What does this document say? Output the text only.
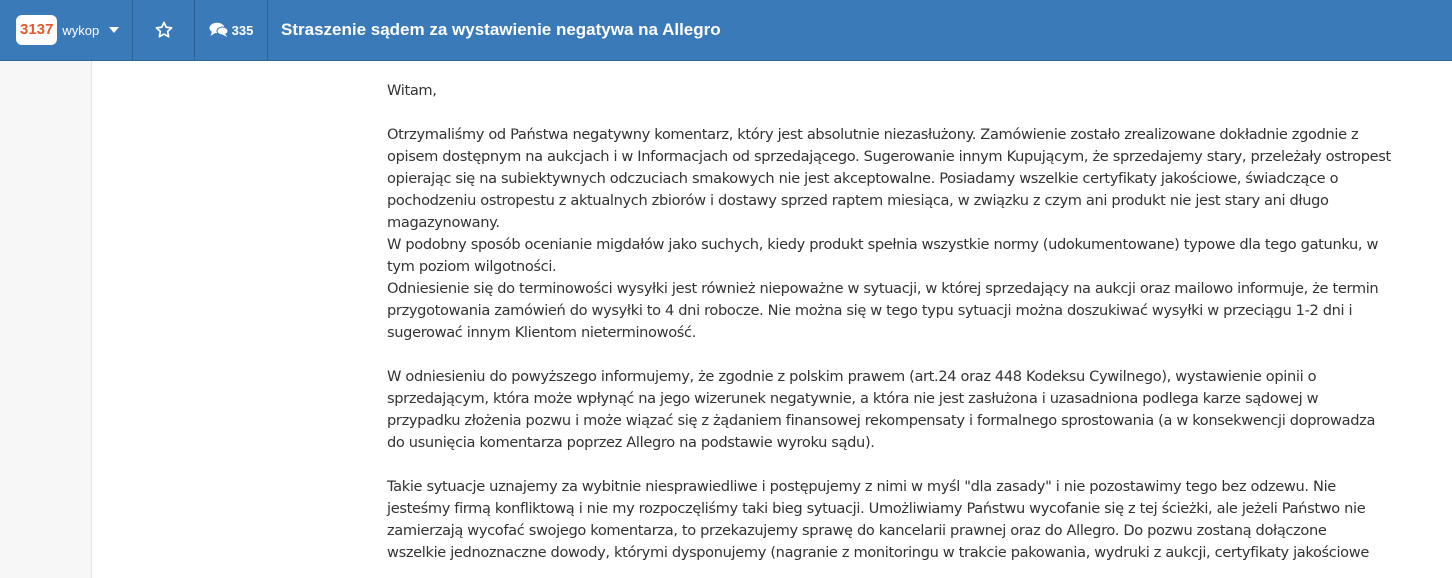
3137 wykop	335	Straszenie sądem za wystawienie negatywa na Allegro

Witam,

Otrzymaliśmy od Państwa negatywny komentarz, który jest absolutnie niezasłużony. Zamówienie zostało zrealizowane dokładnie zgodnie z

opisem dostępnym na aukcjach i w Informacjach od sprzedającego. Sugerowanie innym Kupującym, że sprzedajemy stary, przeleżały ostropest

opierając się na subiektywnych odczuciach smakowych nie jest akceptowalne. Posiadamy wszelkie certyfikaty jakościowe, świadczące o

pochodzeniu ostropestu z aktualnych zbiorów i dostawy sprzed raptem miesiąca, w związku z czym ani produkt nie jest stary ani długo

magazynowany.

W podobny sposób ocenianie migdałów jako suchych, kiedy produkt spełnia wszystkie normy (udokumentowane) typowe dla tego gatunku, w

tym poziom wilgotności.

Odniesienie się do terminowości wysyłki jest również niepoważne w sytuacji, w której sprzedający na aukcji oraz mailowo informuje, że termin

przygotowania zamówień do wysyłki to 4 dni robocze. Nie można się w tego typu sytuacji można doszukiwać wysyłki w przeciągu 1-2 dni i

sugerować innym Klientom nieterminowość.

W odniesieniu do powyższego informujemy, że zgodnie z polskim prawem (art.24 oraz 448 Kodeksu Cywilnego), wystawienie opinii o

sprzedającym, która może wpłynąć na jego wizerunek negatywnie, a która nie jest zasłużona i uzasadniona podlega karze sądowej w

przypadku złożenia pozwu i może wiązać się z żądaniem finansowej rekompensaty i formalnego sprostowania (a w konsekwencji doprowadza

do usunięcia komentarza poprzez Allegro na podstawie wyroku sądu).

Takie sytuacje uznajemy za wybitnie niesprawiedliwe i postępujemy z nimi w myśl "dla zasady" i nie pozostawimy tego bez odzewu. Nie

jesteśmy firmą konfliktową i nie my rozpoczęliśmy taki bieg sytuacji. Umożliwiamy Państwu wycofanie się z tej ścieżki, ale jeżeli Państwo nie

zamierzają wycofać swojego komentarza, to przekazujemy sprawę do kancelarii prawnej oraz do Allegro. Do pozwu zostaną dołączone

wszelkie jednoznaczne dowody, którymi dysponujemy (nagranie z monitoringu w trakcie pakowania, wydruki z aukcji, certyfikaty jakościowe
